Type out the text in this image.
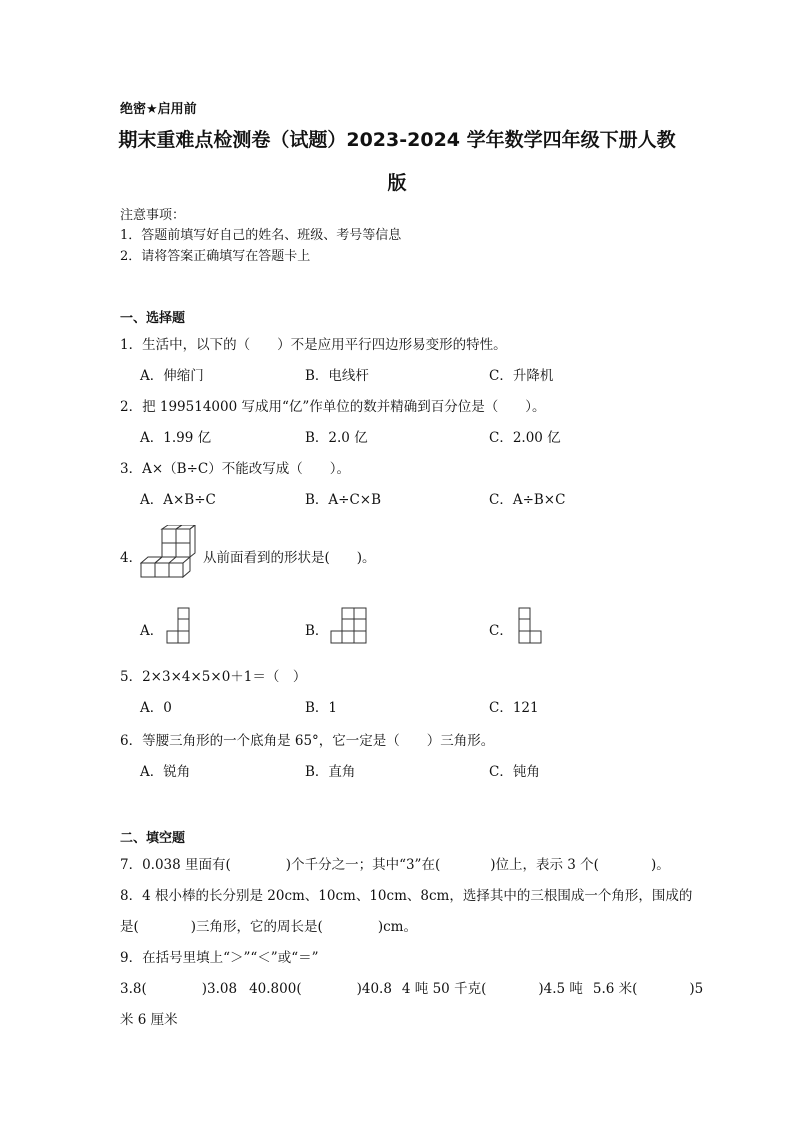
绝密★启用前
期末重难点检测卷（试题）2023-2024 学年数学四年级下册人教
版
注意事项：
1．答题前填写好自己的姓名、班级、考号等信息
2．请将答案正确填写在答题卡上
一、选择题
1．生活中，以下的（　　）不是应用平行四边形易变形的特性。
A．伸缩门	B．电线杆	C．升降机
2．把 199514000 写成用“亿”作单位的数并精确到百分位是（　　）。
A．1.99 亿	B．2.0 亿	C．2.00 亿
3．A×（B÷C）不能改写成（　　）。
A．A×B÷C	B．A÷C×B	C．A÷B×C
4．	从前面看到的形状是(　　)。
A．	B．	C．
5．2×3×4×5×0＋1＝（　）
A．0	B．1	C．121
6．等腰三角形的一个底角是 65°，它一定是（　　）三角形。
A．锐角	B．直角	C．钝角
二、填空题
7．0.038 里面有(	)个千分之一；其中“3”在(	)位上，表示 3 个(	)。
8．4 根小棒的长分别是 20cm、10cm、10cm、8cm，选择其中的三根围成一个角形，围成的
是(	)三角形，它的周长是(	)cm。
9．在括号里填上“＞”“＜”或“＝”
3.8(	)3.08 40.800(	)40.8 4 吨 50 千克(	)4.5 吨 5.6 米(	)5
米 6 厘米
